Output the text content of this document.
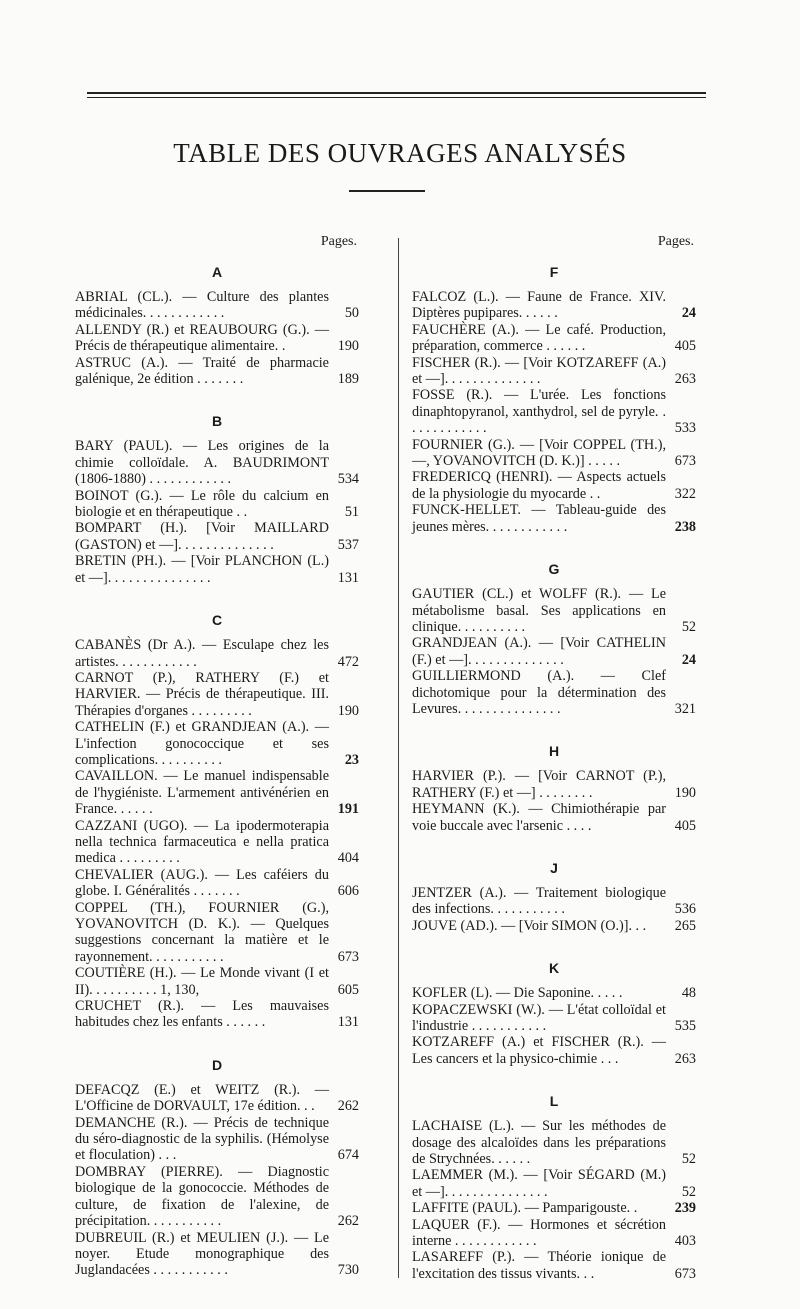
TABLE DES OUVRAGES ANALYSÉS
Pages.
A
ABRIAL (CL.). — Culture des plantes médicinales. . . . . . . . . . . .	50
ALLENDY (R.) et REAUBOURG (G.). — Précis de thérapeutique alimentaire. .	190
ASTRUC (A.). — Traité de pharmacie galénique, 2e édition . . . . . . .	189
B
BARY (PAUL). — Les origines de la chimie colloïdale. A. BAUDRIMONT (1806-1880) . . . . . . . . . . . .	534
BOINOT (G.). — Le rôle du calcium en biologie et en thérapeutique . .	51
BOMPART (H.). [Voir MAILLARD (GASTON) et —]. . . . . . . . . . . . . .	537
BRETIN (PH.). — [Voir PLANCHON (L.) et —]. . . . . . . . . . . . . . .	131
C
CABANÈS (Dr A.). — Esculape chez les artistes. . . . . . . . . . . .	472
CARNOT (P.), RATHERY (F.) et HARVIER. — Précis de thérapeutique. III. Thérapies d'organes . . . . . . . . .	190
CATHELIN (F.) et GRANDJEAN (A.). — L'infection gonococcique et ses complications. . . . . . . . . .	23
CAVAILLON. — Le manuel indispensable de l'hygiéniste. L'armement antivénérien en France. . . . . .	191
CAZZANI (UGO). — La ipodermoterapia nella technica farmaceutica e nella pratica medica . . . . . . . . .	404
CHEVALIER (AUG.). — Les caféiers du globe. I. Généralités . . . . . . .	606
COPPEL (TH.), FOURNIER (G.), YOVANOVITCH (D. K.). — Quelques suggestions concernant la matière et le rayonnement. . . . . . . . . . .	673
COUTIÈRE (H.). — Le Monde vivant (I et II). . . . . . . . . . 1, 130,	605
CRUCHET (R.). — Les mauvaises habitudes chez les enfants . . . . . .	131
D
DEFACQZ (E.) et WEITZ (R.). — L'Officine de DORVAULT, 17e édition. . .	262
DEMANCHE (R.). — Précis de technique du séro-diagnostic de la syphilis. (Hémolyse et floculation) . . .	674
DOMBRAY (PIERRE). — Diagnostic biologique de la gonococcie. Méthodes de culture, de fixation de l'alexine, de précipitation. . . . . . . . . . .	262
DUBREUIL (R.) et MEULIEN (J.). — Le noyer. Etude monographique des Juglandacées . . . . . . . . . . .	730
Pages.
F
FALCOZ (L.). — Faune de France. XIV. Diptères pupipares. . . . . .	24
FAUCHÈRE (A.). — Le café. Production, préparation, commerce . . . . . .	405
FISCHER (R.). — [Voir KOTZAREFF (A.) et —]. . . . . . . . . . . . . .	263
FOSSE (R.). — L'urée. Les fonctions dinaphtopyranol, xanthydrol, sel de pyryle. . . . . . . . . . . . .	533
FOURNIER (G.). — [Voir COPPEL (TH.), —, YOVANOVITCH (D. K.)] . . . . .	673
FREDERICQ (HENRI). — Aspects actuels de la physiologie du myocarde . .	322
FUNCK-HELLET. — Tableau-guide des jeunes mères. . . . . . . . . . . .	238
G
GAUTIER (CL.) et WOLFF (R.). — Le métabolisme basal. Ses applications en clinique. . . . . . . . . .	52
GRANDJEAN (A.). — [Voir CATHELIN (F.) et —]. . . . . . . . . . . . . .	24
GUILLIERMOND (A.). — Clef dichotomique pour la détermination des Levures. . . . . . . . . . . . . . .	321
H
HARVIER (P.). — [Voir CARNOT (P.), RATHERY (F.) et —] . . . . . . . .	190
HEYMANN (K.). — Chimiothérapie par voie buccale avec l'arsenic . . . .	405
J
JENTZER (A.). — Traitement biologique des infections. . . . . . . . . . .	536
JOUVE (AD.). — [Voir SIMON (O.)]. . .	265
K
KOFLER (L). — Die Saponine. . . . .	48
KOPACZEWSKI (W.). — L'état colloïdal et l'industrie . . . . . . . . . . .	535
KOTZAREFF (A.) et FISCHER (R.). — Les cancers et la physico-chimie . . .	263
L
LACHAISE (L.). — Sur les méthodes de dosage des alcaloïdes dans les préparations de Strychnées. . . . . .	52
LAEMMER (M.). — [Voir SÉGARD (M.) et —]. . . . . . . . . . . . . . .	52
LAFFITE (PAUL). — Pamparigouste. .	239
LAQUER (F.). — Hormones et sécrétion interne . . . . . . . . . . . .	403
LASAREFF (P.). — Théorie ionique de l'excitation des tissus vivants. . .	673
